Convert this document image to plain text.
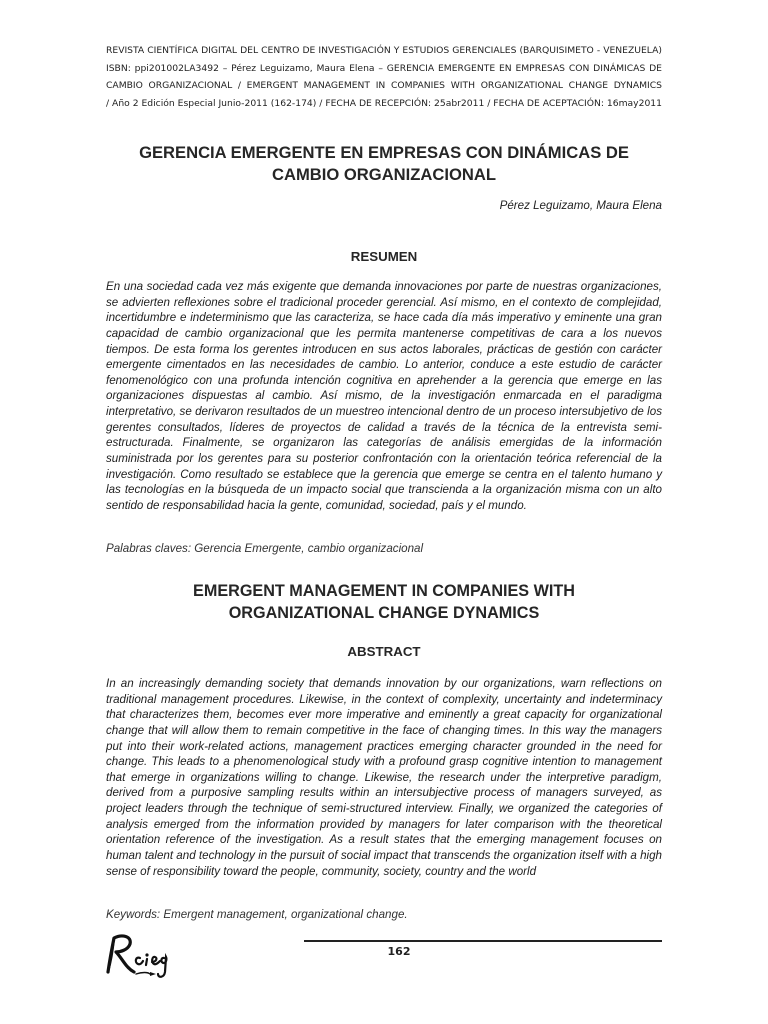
REVISTA CIENTÍFICA DIGITAL DEL CENTRO DE INVESTIGACIÓN Y ESTUDIOS GERENCIALES (BARQUISIMETO - VENEZUELA)
ISBN: ppi201002LA3492 – Pérez Leguizamo, Maura Elena – GERENCIA EMERGENTE EN EMPRESAS CON DINÁMICAS DE
CAMBIO ORGANIZACIONAL / EMERGENT MANAGEMENT IN COMPANIES WITH ORGANIZATIONAL CHANGE DYNAMICS
/ Año 2 Edición Especial Junio-2011 (162-174) / FECHA DE RECEPCIÓN: 25abr2011 / FECHA DE ACEPTACIÓN: 16may2011
GERENCIA EMERGENTE EN EMPRESAS CON DINÁMICAS DE
CAMBIO ORGANIZACIONAL
Pérez Leguizamo, Maura Elena
RESUMEN
En una sociedad cada vez más exigente que demanda innovaciones por parte de nuestras organizaciones, se advierten reflexiones sobre el tradicional proceder gerencial. Así mismo, en el contexto de complejidad, incertidumbre e indeterminismo que las caracteriza, se hace cada día más imperativo y eminente una gran capacidad de cambio organizacional que les permita mantenerse competitivas de cara a los nuevos tiempos. De esta forma los gerentes introducen en sus actos laborales, prácticas de gestión con carácter emergente cimentados en las necesidades de cambio. Lo anterior, conduce a este estudio de carácter fenomenológico con una profunda intención cognitiva en aprehender a la gerencia que emerge en las organizaciones dispuestas al cambio. Así mismo, de la investigación enmarcada en el paradigma interpretativo, se derivaron resultados de un muestreo intencional dentro de un proceso intersubjetivo de los gerentes consultados, líderes de proyectos de calidad a través de la técnica de la entrevista semi-estructurada. Finalmente, se organizaron las categorías de análisis emergidas de la información suministrada por los gerentes para su posterior confrontación con la orientación teórica referencial de la investigación. Como resultado se establece que la gerencia que emerge se centra en el talento humano y las tecnologías en la búsqueda de un impacto social que transcienda a la organización misma con un alto sentido de responsabilidad hacia la gente, comunidad, sociedad, país y el mundo.
Palabras claves: Gerencia Emergente, cambio organizacional
EMERGENT MANAGEMENT IN COMPANIES WITH
ORGANIZATIONAL CHANGE DYNAMICS
ABSTRACT
In an increasingly demanding society that demands innovation by our organizations, warn reflections on traditional management procedures. Likewise, in the context of complexity, uncertainty and indeterminacy that characterizes them, becomes ever more imperative and eminently a great capacity for organizational change that will allow them to remain competitive in the face of changing times. In this way the managers put into their work-related actions, management practices emerging character grounded in the need for change. This leads to a phenomenological study with a profound grasp cognitive intention to management that emerge in organizations willing to change. Likewise, the research under the interpretive paradigm, derived from a purposive sampling results within an intersubjective process of managers surveyed, as project leaders through the technique of semi-structured interview. Finally, we organized the categories of analysis emerged from the information provided by managers for later comparison with the theoretical orientation reference of the investigation. As a result states that the emerging management focuses on human talent and technology in the pursuit of social impact that transcends the organization itself with a high sense of responsibility toward the people, community, society, country and the world
Keywords: Emergent management, organizational change.
162
